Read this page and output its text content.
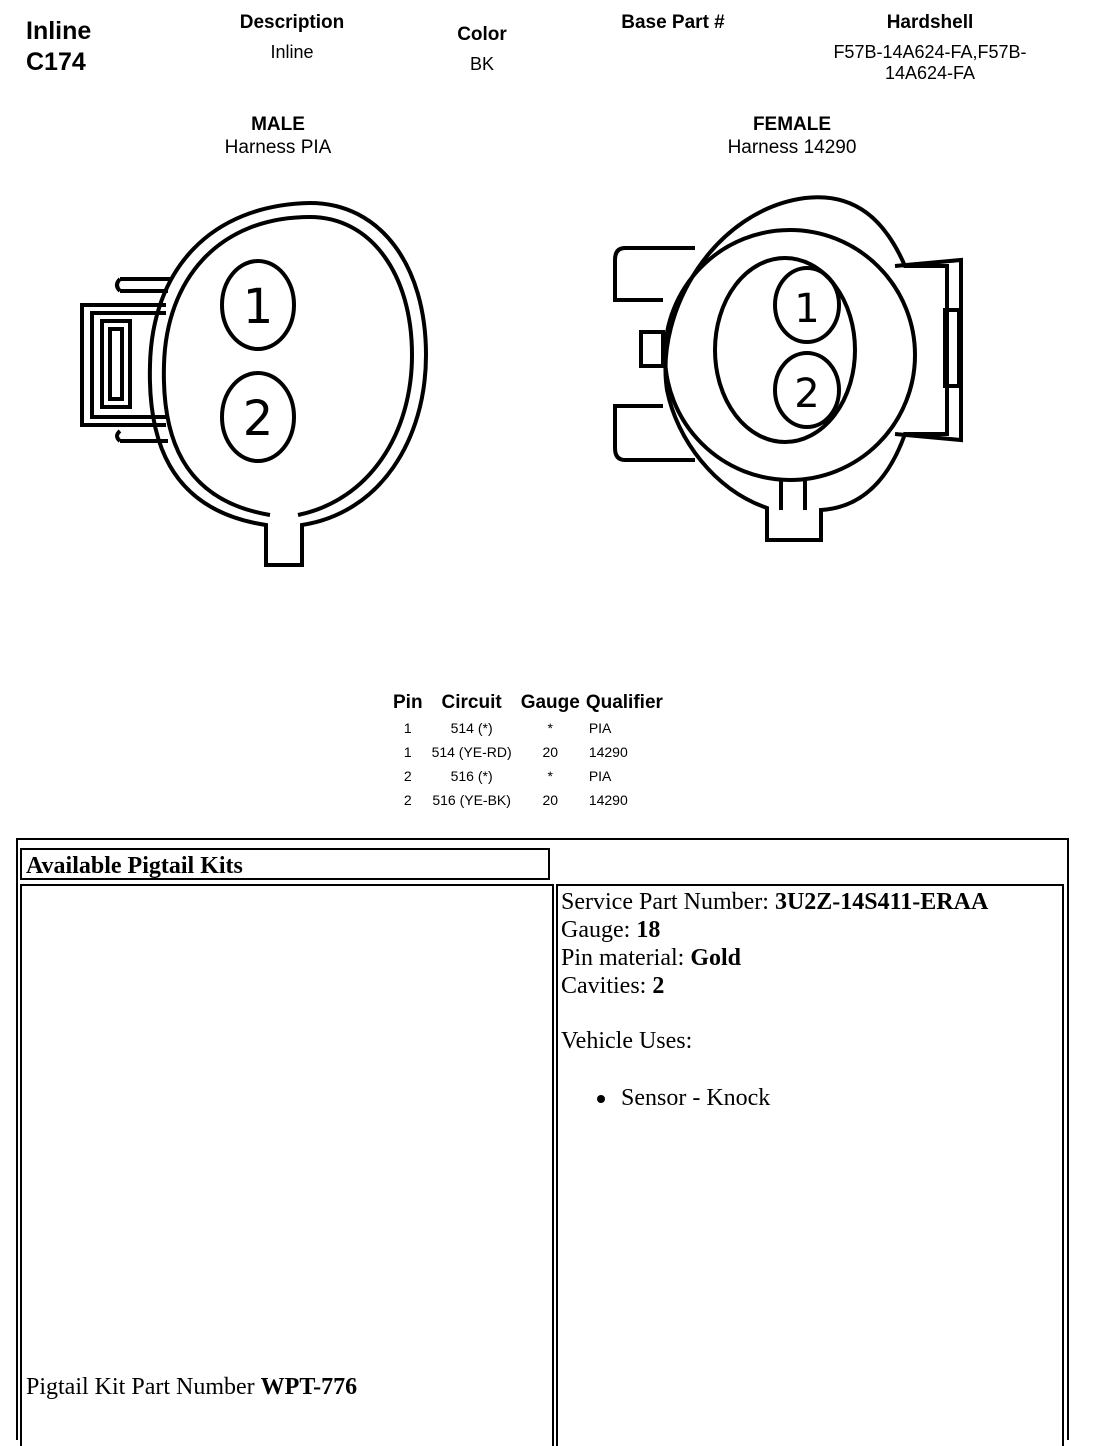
Inline
C174
Description
Inline
Color
BK
Base Part #	Hardshell
F57B-14A624-FA,F57B-
14A624-FA
MALE
Harness PIA
FEMALE
Harness 14290
1
2
1
2
Pin	Circuit	Gauge	Qualifier
1	514 (*)	*	PIA
1	514 (YE-RD)	20	14290
2	516 (*)	*	PIA
2	516 (YE-BK)	20	14290
Available Pigtail Kits
Pigtail Kit Part Number WPT-776
Service Part Number: 3U2Z-14S411-ERAA
Gauge: 18
Pin material: Gold
Cavities: 2
Vehicle Uses:
Sensor - Knock
